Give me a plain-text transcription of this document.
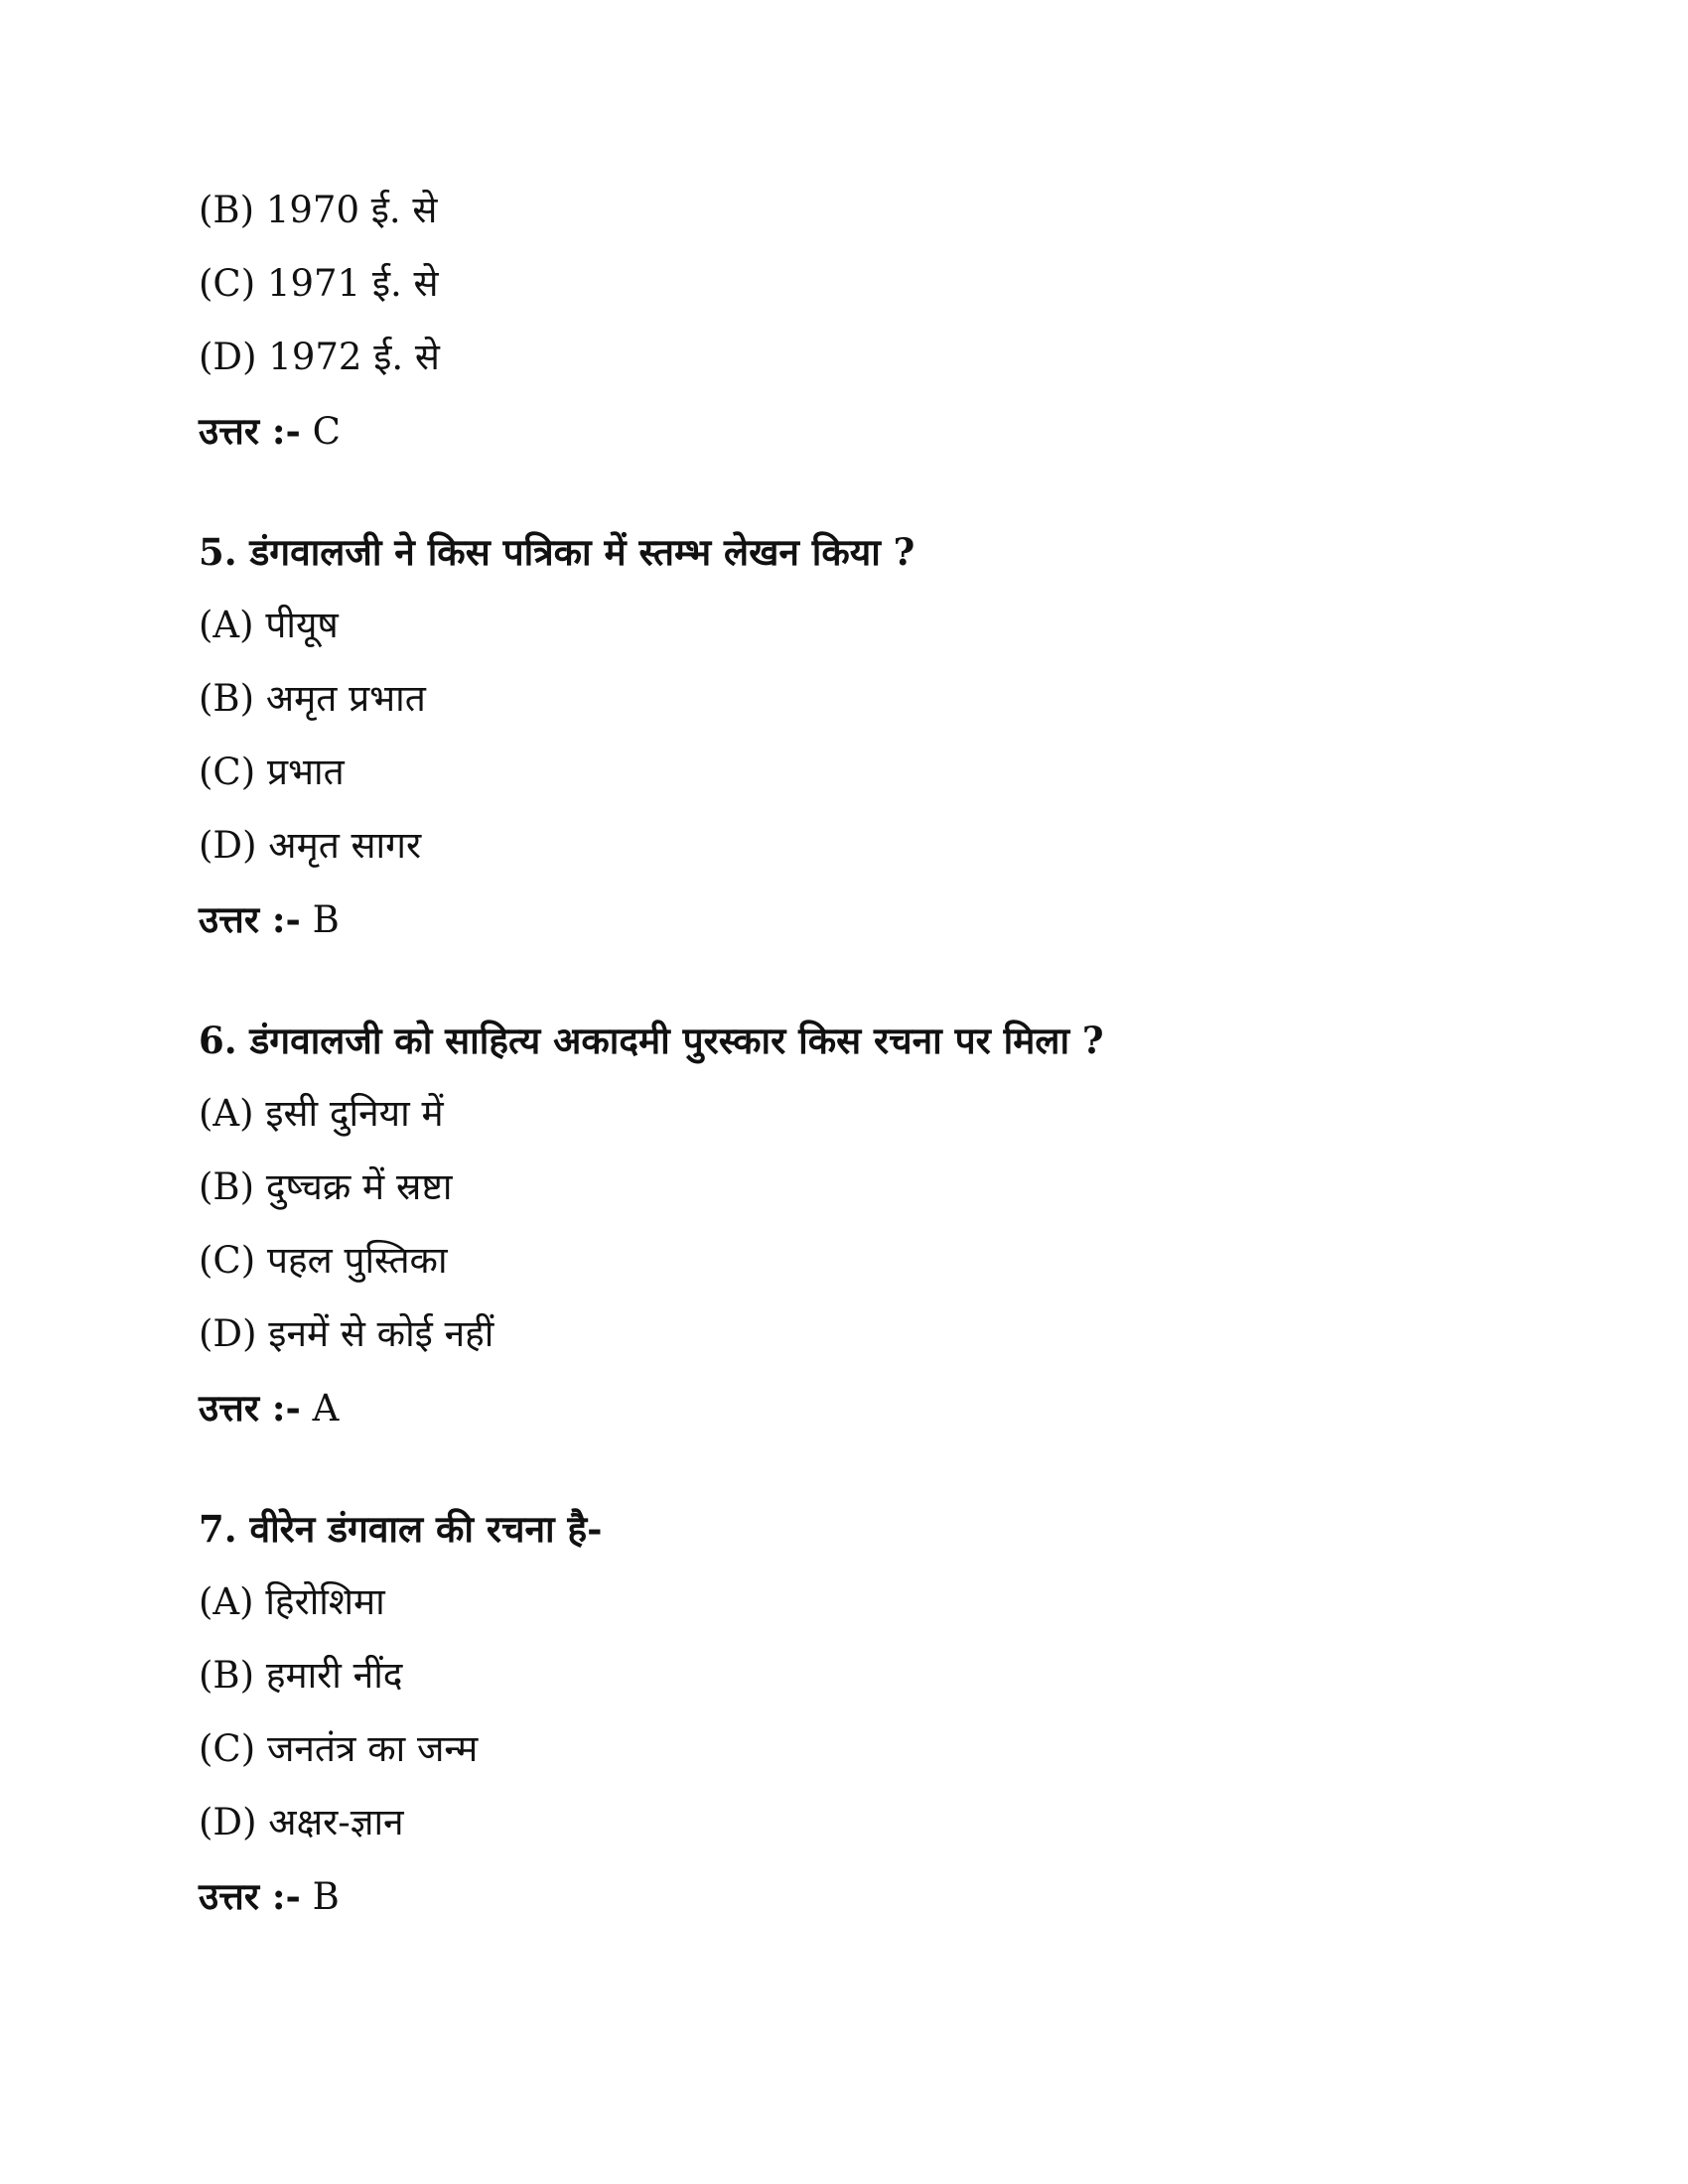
(B) 1970 ई. से
(C) 1971 ई. से
(D) 1972 ई. से
उत्तर :- C
5. डंगवालजी ने किस पत्रिका में स्तम्भ लेखन किया ?
(A) पीयूष
(B) अमृत प्रभात
(C) प्रभात
(D) अमृत सागर
उत्तर :- B
6. डंगवालजी को साहित्य अकादमी पुरस्कार किस रचना पर मिला ?
(A) इसी दुनिया में
(B) दुष्चक्र में स्रष्टा
(C) पहल पुस्तिका
(D) इनमें से कोई नहीं
उत्तर :- A
7. वीरेन डंगवाल की रचना है-
(A) हिरोशिमा
(B) हमारी नींद
(C) जनतंत्र का जन्म
(D) अक्षर-ज्ञान
उत्तर :- B
